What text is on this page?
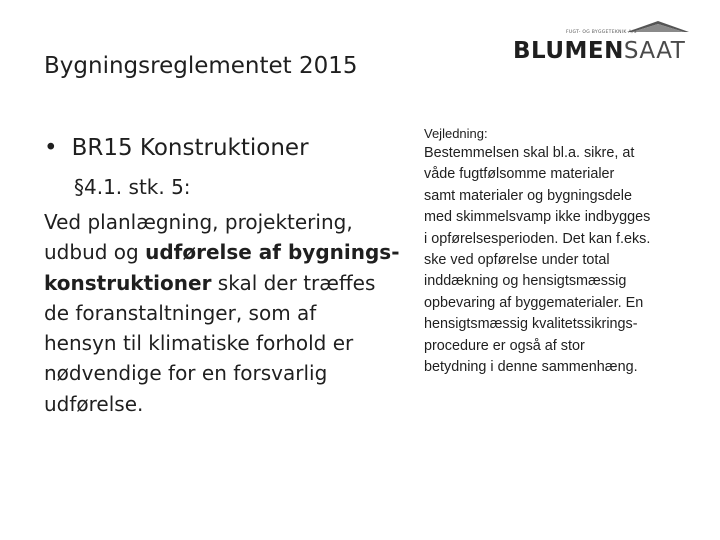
Bygningsreglementet 2015
FUGT- OG BYGGETEKNIK A/S
BLUMENSAAT
• BR15 Konstruktioner
§4.1. stk. 5:
Ved planlægning, projektering,
udbud og udførelse af bygnings-
konstruktioner skal der træffes
de foranstaltninger, som af
hensyn til klimatiske forhold er
nødvendige for en forsvarlig
udførelse.
Vejledning:
Bestemmelsen skal bl.a. sikre, at
våde fugtfølsomme materialer
samt materialer og bygningsdele
med skimmelsvamp ikke indbygges
i opførelsesperioden. Det kan f.eks.
ske ved opførelse under total
inddækning og hensigtsmæssig
opbevaring af byggematerialer. En
hensigtsmæssig kvalitetssikrings-
procedure er også af stor
betydning i denne sammenhæng.
